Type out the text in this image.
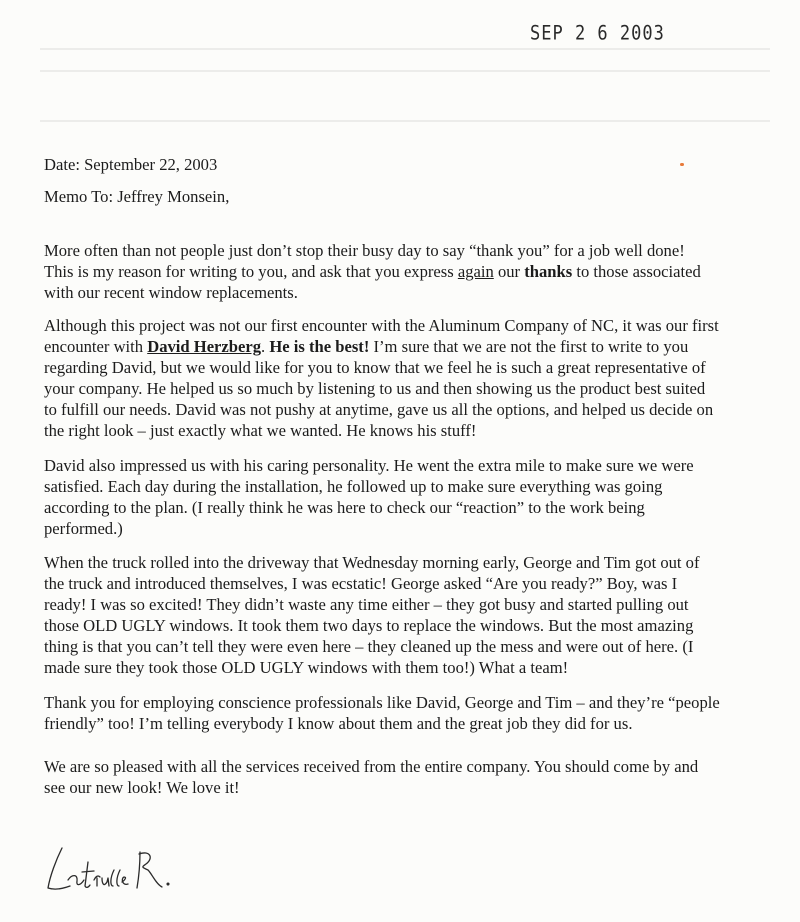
SEP 2 6 2003
Date: September 22, 2003
Memo To: Jeffrey Monsein,
More often than not people just don’t stop their busy day to say “thank you” for a job well done!
This is my reason for writing to you, and ask that you express again our thanks to those associated
with our recent window replacements.
Although this project was not our first encounter with the Aluminum Company of NC, it was our first
encounter with David Herzberg. He is the best! I’m sure that we are not the first to write to you
regarding David, but we would like for you to know that we feel he is such a great representative of
your company. He helped us so much by listening to us and then showing us the product best suited
to fulfill our needs. David was not pushy at anytime, gave us all the options, and helped us decide on
the right look – just exactly what we wanted. He knows his stuff!
David also impressed us with his caring personality. He went the extra mile to make sure we were
satisfied. Each day during the installation, he followed up to make sure everything was going
according to the plan. (I really think he was here to check our “reaction” to the work being
performed.)
When the truck rolled into the driveway that Wednesday morning early, George and Tim got out of
the truck and introduced themselves, I was ecstatic! George asked “Are you ready?” Boy, was I
ready! I was so excited! They didn’t waste any time either – they got busy and started pulling out
those OLD UGLY windows. It took them two days to replace the windows. But the most amazing
thing is that you can’t tell they were even here – they cleaned up the mess and were out of here. (I
made sure they took those OLD UGLY windows with them too!) What a team!
Thank you for employing conscience professionals like David, George and Tim – and they’re “people
friendly” too! I’m telling everybody I know about them and the great job they did for us.
We are so pleased with all the services received from the entire company. You should come by and
see our new look! We love it!
